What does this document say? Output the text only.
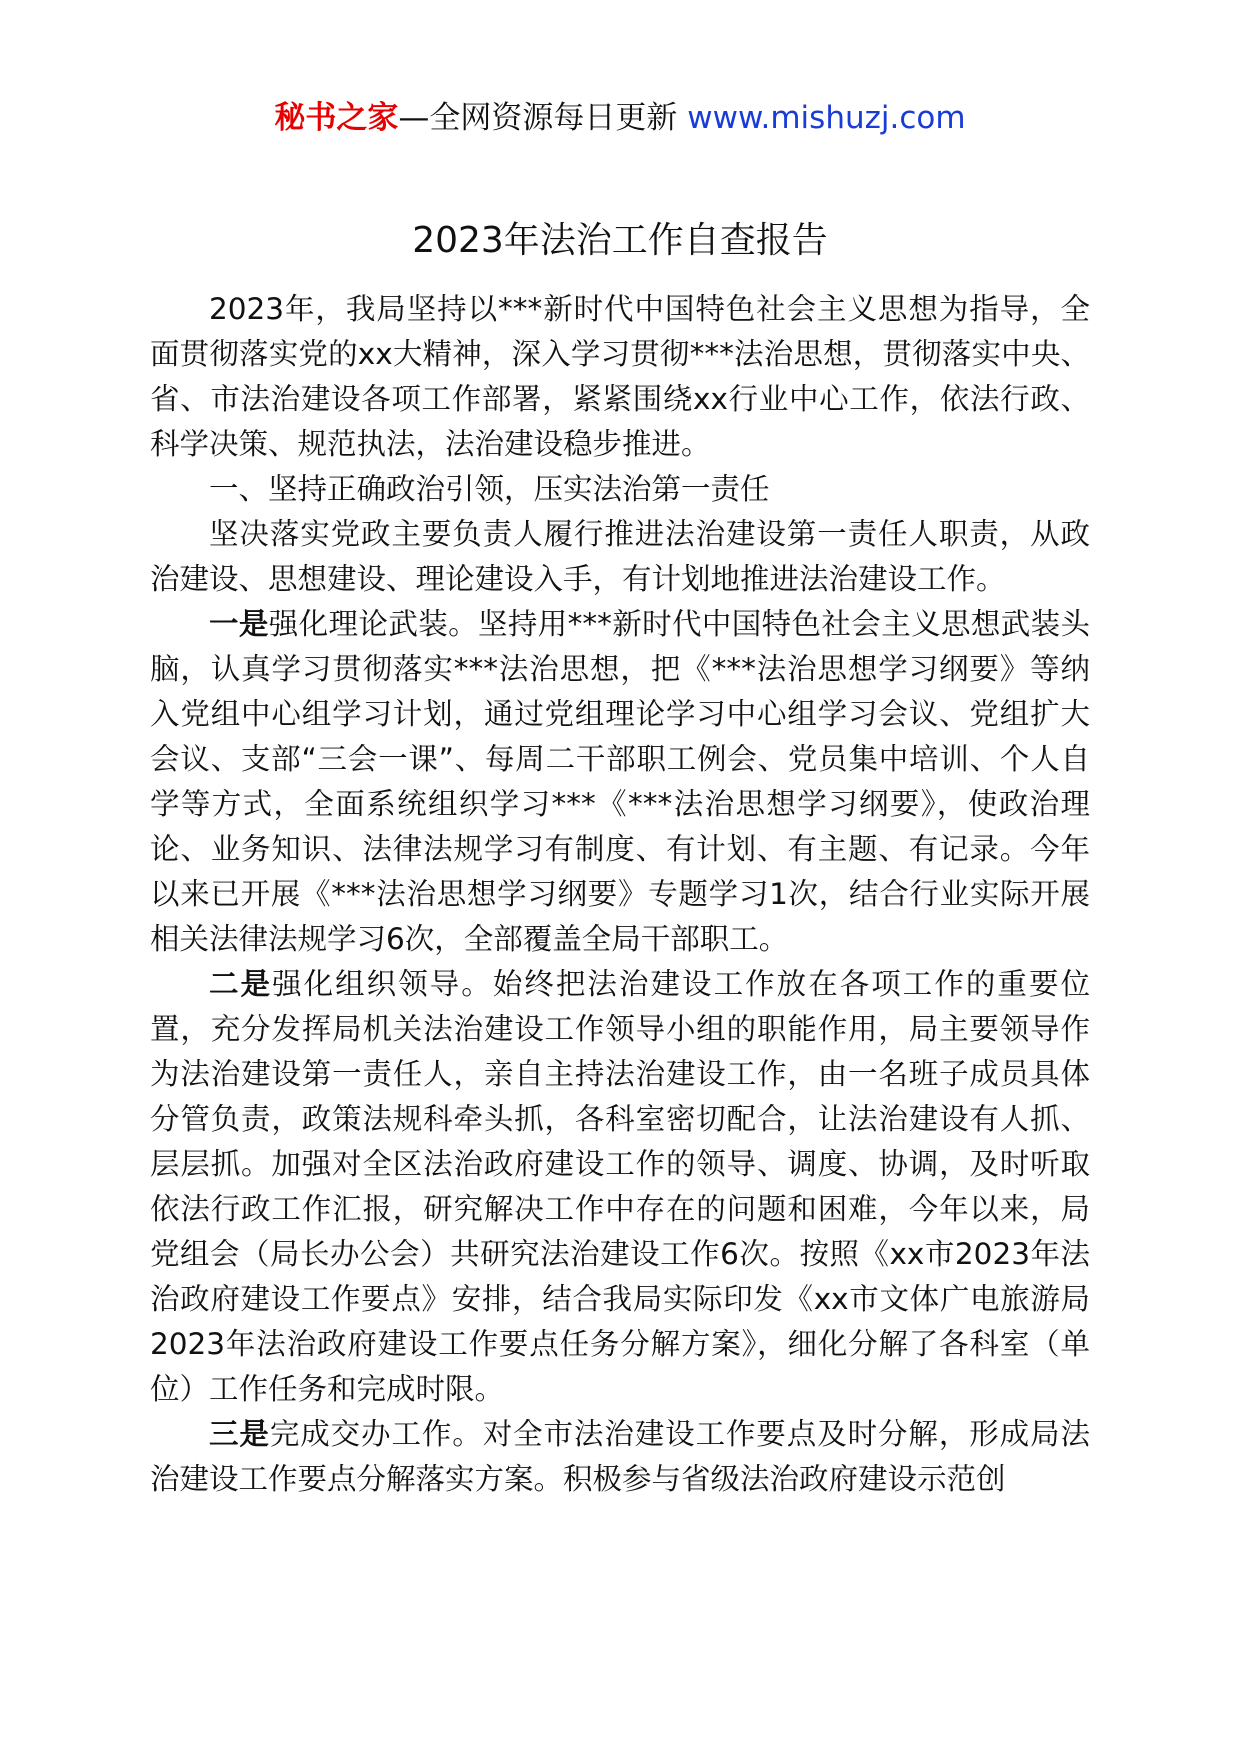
秘书之家—全网资源每日更新 www.mishuzj.com
2023年法治工作自查报告

2023年，我局坚持以***新时代中国特色社会主义思想为指导，全面贯彻落实党的xx大精神，深入学习贯彻***法治思想，贯彻落实中央、省、市法治建设各项工作部署，紧紧围绕xx行业中心工作，依法行政、科学决策、规范执法，法治建设稳步推进。

一、坚持正确政治引领，压实法治第一责任

坚决落实党政主要负责人履行推进法治建设第一责任人职责，从政治建设、思想建设、理论建设入手，有计划地推进法治建设工作。

一是强化理论武装。坚持用***新时代中国特色社会主义思想武装头脑，认真学习贯彻落实***法治思想，把《***法治思想学习纲要》等纳入党组中心组学习计划，通过党组理论学习中心组学习会议、党组扩大会议、支部“三会一课”、每周二干部职工例会、党员集中培训、个人自学等方式，全面系统组织学习***《***法治思想学习纲要》，使政治理论、业务知识、法律法规学习有制度、有计划、有主题、有记录。今年以来已开展《***法治思想学习纲要》专题学习1次，结合行业实际开展相关法律法规学习6次，全部覆盖全局干部职工。

二是强化组织领导。始终把法治建设工作放在各项工作的重要位置，充分发挥局机关法治建设工作领导小组的职能作用，局主要领导作为法治建设第一责任人，亲自主持法治建设工作，由一名班子成员具体分管负责，政策法规科牵头抓，各科室密切配合，让法治建设有人抓、层层抓。加强对全区法治政府建设工作的领导、调度、协调，及时听取依法行政工作汇报，研究解决工作中存在的问题和困难，今年以来，局党组会（局长办公会）共研究法治建设工作6次。按照《xx市2023年法治政府建设工作要点》安排，结合我局实际印发《xx市文体广电旅游局2023年法治政府建设工作要点任务分解方案》，细化分解了各科室（单位）工作任务和完成时限。

三是完成交办工作。对全市法治建设工作要点及时分解，形成局法治建设工作要点分解落实方案。积极参与省级法治政府建设示范创
